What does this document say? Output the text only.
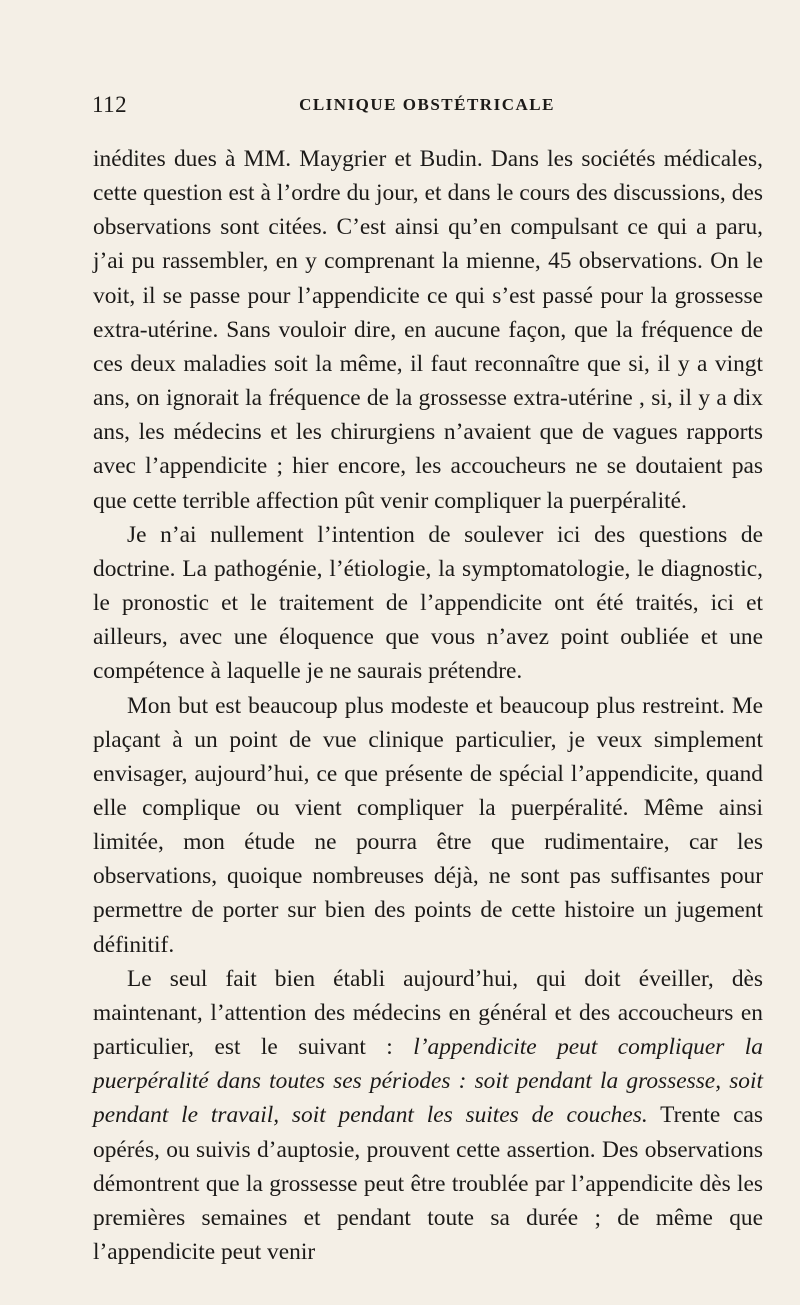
112	CLINIQUE OBSTÉTRICALE

inédites dues à MM. Maygrier et Budin. Dans les sociétés médicales, cette question est à l’ordre du jour, et dans le cours des discussions, des observations sont citées. C’est ainsi qu’en compulsant ce qui a paru, j’ai pu rassembler, en y comprenant la mienne, 45 observations. On le voit, il se passe pour l’appendicite ce qui s’est passé pour la grossesse extra-utérine. Sans vouloir dire, en aucune façon, que la fréquence de ces deux maladies soit la même, il faut reconnaître que si, il y a vingt ans, on ignorait la fréquence de la grossesse extra-utérine , si, il y a dix ans, les médecins et les chirurgiens n’avaient que de vagues rapports avec l’appendicite ; hier encore, les accoucheurs ne se doutaient pas que cette terrible affection pût venir compliquer la puerpéralité.

Je n’ai nullement l’intention de soulever ici des questions de doctrine. La pathogénie, l’étiologie, la symptomatologie, le diagnostic, le pronostic et le traitement de l’appendicite ont été traités, ici et ailleurs, avec une éloquence que vous n’avez point oubliée et une compétence à laquelle je ne saurais prétendre.

Mon but est beaucoup plus modeste et beaucoup plus restreint. Me plaçant à un point de vue clinique particulier, je veux simplement envisager, aujourd’hui, ce que présente de spécial l’appendicite, quand elle complique ou vient compliquer la puerpéralité. Même ainsi limitée, mon étude ne pourra être que rudimentaire, car les observations, quoique nombreuses déjà, ne sont pas suffisantes pour permettre de porter sur bien des points de cette histoire un jugement définitif.

Le seul fait bien établi aujourd’hui, qui doit éveiller, dès maintenant, l’attention des médecins en général et des accoucheurs en particulier, est le suivant : l’appendicite peut compliquer la puerpéralité dans toutes ses périodes : soit pendant la grossesse, soit pendant le travail, soit pendant les suites de couches. Trente cas opérés, ou suivis d’auptosie, prouvent cette assertion. Des observations démontrent que la grossesse peut être troublée par l’appendicite dès les premières semaines et pendant toute sa durée ; de même que l’appendicite peut venir
